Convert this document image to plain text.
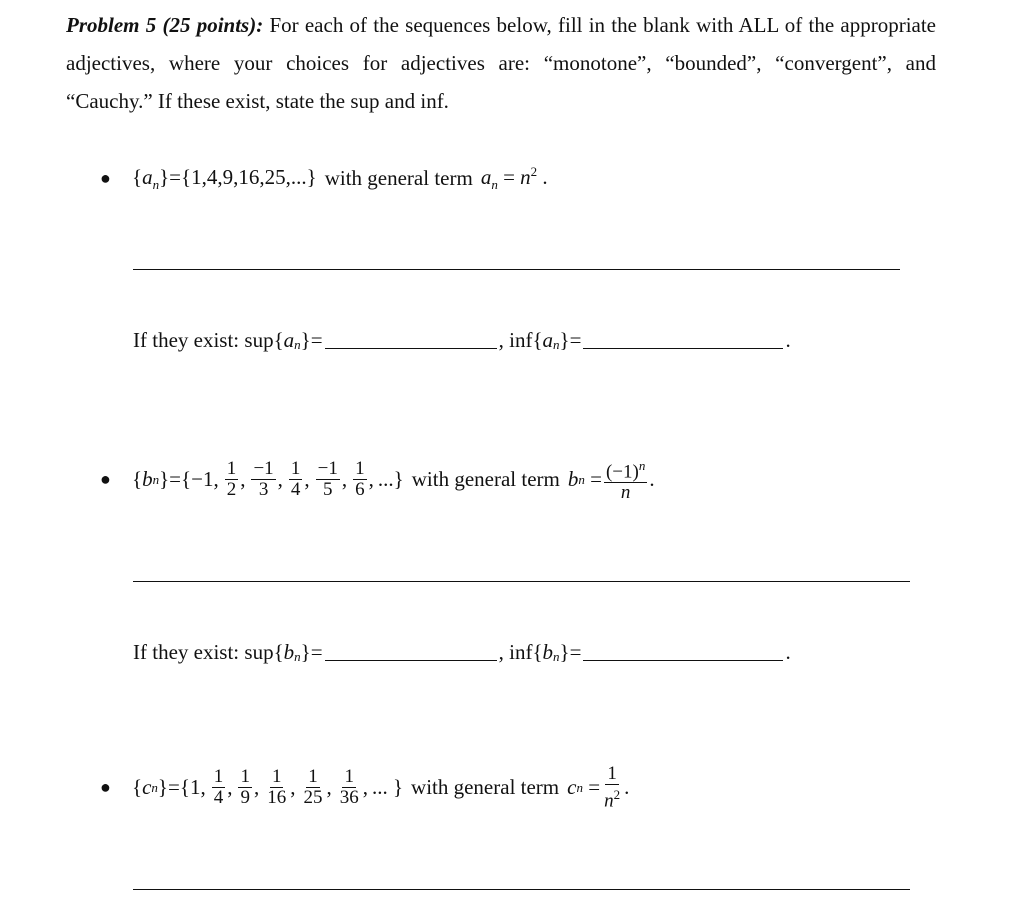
Problem 5 (25 points): For each of the sequences below, fill in the blank with ALL of the appropriate adjectives, where your choices for adjectives are: “monotone”, “bounded”, “convergent”, and “Cauchy.” If these exist, state the sup and inf.
●	$\{a_n\}=\{1,4,9,16,25,...\}$ with general term $a_n = n^2$ .
If they exist:
sup { $a_n$ }=	, inf { $a_n$ }=	.
●	{ b n }={ −1, $\frac{1}{2}$ , $\frac{-1}{3}$ , $\frac{1}{4}$ , $\frac{-1}{5}$ , $\frac{1}{6}$ , ...} with general term b $n = \frac{(-1)^n}{n}$ .
If they exist:
sup { $b_n$ }=	, inf { $b_n$ }=	.
●	{ c n }={ 1, $\frac{1}{4}$ , $\frac{1}{9}$ , $\frac{1}{16}$ , $\frac{1}{25}$ , $\frac{1}{36}$ , ... } with general term c $n = \frac{1}{n^2}$ .
